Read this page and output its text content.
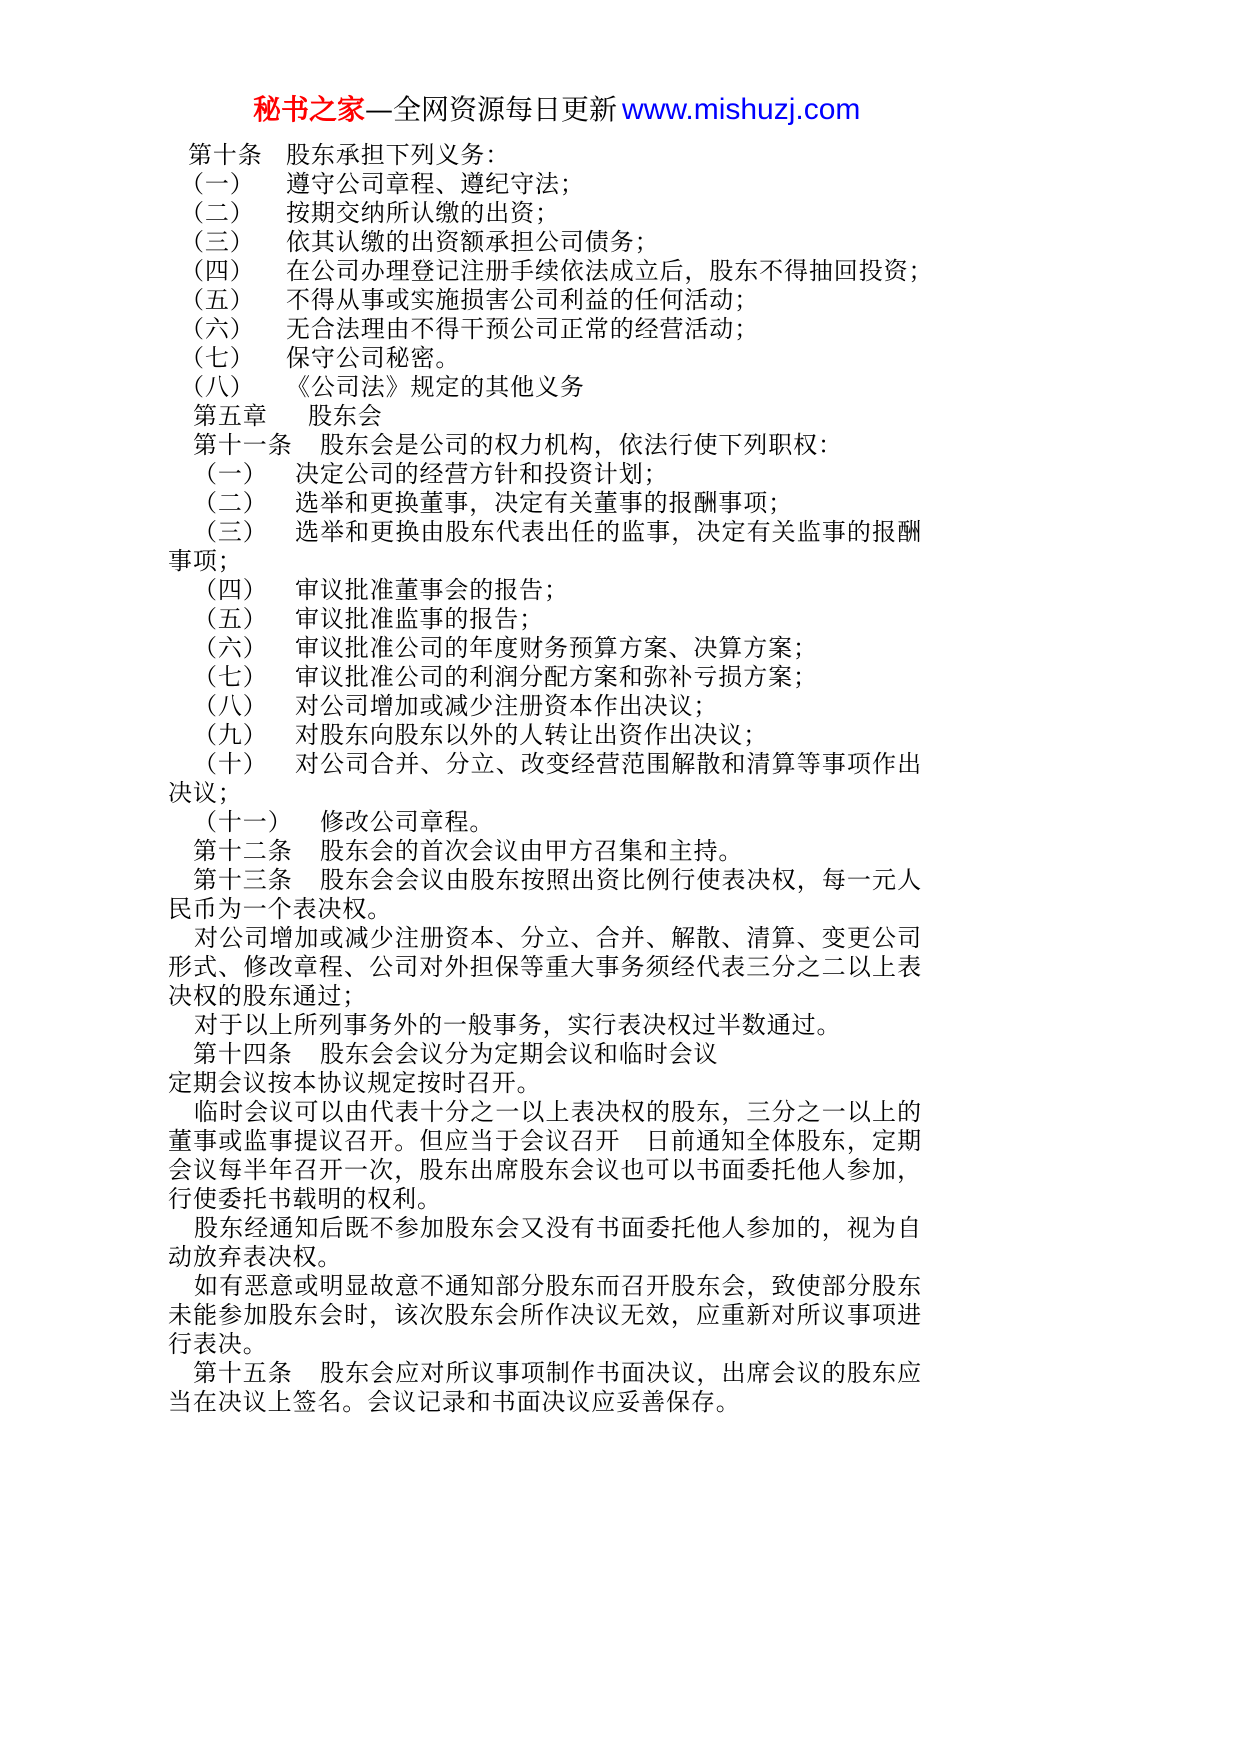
秘书之家—全网资源每日更新 www.mishuzj.com
第十条 股东承担下列义务：
（一）	遵守公司章程、遵纪守法；
（二）	按期交纳所认缴的出资；
（三）	依其认缴的出资额承担公司债务；
（四）	在公司办理登记注册手续依法成立后，股东不得抽回投资；
（五）	不得从事或实施损害公司利益的任何活动；
（六）	无合法理由不得干预公司正常的经营活动；
（七）	保守公司秘密。
（八）	《公司法》规定的其他义务
第五章	股东会
第十一条	股东会是公司的权力机构，依法行使下列职权：
（一）	决定公司的经营方针和投资计划；
（二）	选举和更换董事，决定有关董事的报酬事项；
（三）	选举和更换由股东代表出任的监事，决定有关监事的报酬
事项；
（四）	审议批准董事会的报告；
（五）	审议批准监事的报告；
（六）	审议批准公司的年度财务预算方案、决算方案；
（七）	审议批准公司的利润分配方案和弥补亏损方案；
（八）	对公司增加或减少注册资本作出决议；
（九）	对股东向股东以外的人转让出资作出决议；
（十）	对公司合并、分立、改变经营范围解散和清算等事项作出
决议；
（十一）	修改公司章程。
第十二条	股东会的首次会议由甲方召集和主持。
第十三条	股东会会议由股东按照出资比例行使表决权，每一元人
民币为一个表决权。
对公司增加或减少注册资本、分立、合并、解散、清算、变更公司
形式、修改章程、公司对外担保等重大事务须经代表三分之二以上表
决权的股东通过；
对于以上所列事务外的一般事务，实行表决权过半数通过。
第十四条	股东会会议分为定期会议和临时会议
定期会议按本协议规定按时召开。
临时会议可以由代表十分之一以上表决权的股东，三分之一以上的
董事或监事提议召开。但应当于会议召开　日前通知全体股东，定期
会议每半年召开一次，股东出席股东会议也可以书面委托他人参加，
行使委托书载明的权利。
股东经通知后既不参加股东会又没有书面委托他人参加的，视为自
动放弃表决权。
如有恶意或明显故意不通知部分股东而召开股东会，致使部分股东
未能参加股东会时，该次股东会所作决议无效，应重新对所议事项进
行表决。
第十五条	股东会应对所议事项制作书面决议，出席会议的股东应
当在决议上签名。会议记录和书面决议应妥善保存。
